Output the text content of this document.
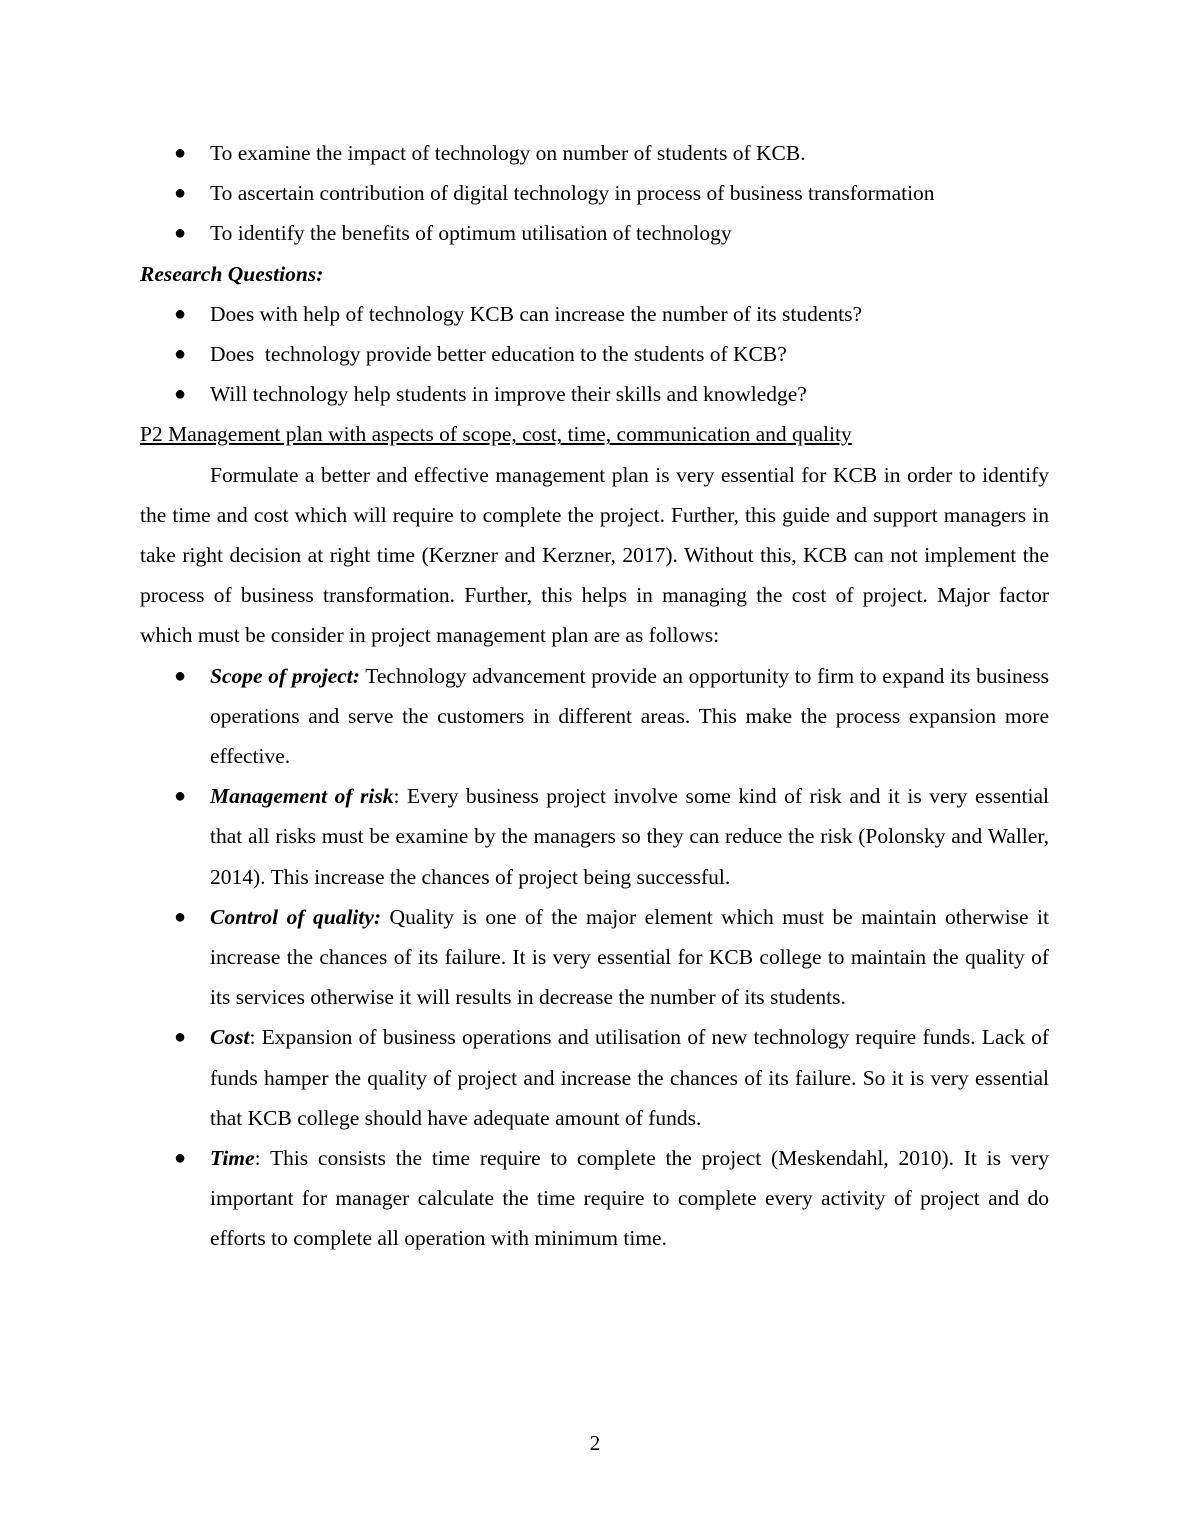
● To examine the impact of technology on number of students of KCB.
● To ascertain contribution of digital technology in process of business transformation
● To identify the benefits of optimum utilisation of technology
Research Questions:
● Does with help of technology KCB can increase the number of its students?
● Does  technology provide better education to the students of KCB?
● Will technology help students in improve their skills and knowledge?
P2 Management plan with aspects of scope, cost, time, communication and quality

Formulate a better and effective management plan is very essential for KCB in order to identify the time and cost which will require to complete the project. Further, this guide and support managers in take right decision at right time (Kerzner and Kerzner, 2017). Without this, KCB can not implement the process of business transformation. Further, this helps in managing the cost of project. Major factor which must be consider in project management plan are as follows:

● Scope of project: Technology advancement provide an opportunity to firm to expand its business operations and serve the customers in different areas. This make the process expansion more effective.
● Management of risk: Every business project involve some kind of risk and it is very essential that all risks must be examine by the managers so they can reduce the risk (Polonsky and Waller, 2014). This increase the chances of project being successful.
● Control of quality: Quality is one of the major element which must be maintain otherwise it increase the chances of its failure. It is very essential for KCB college to maintain the quality of its services otherwise it will results in decrease the number of its students.
● Cost: Expansion of business operations and utilisation of new technology require funds. Lack of funds hamper the quality of project and increase the chances of its failure. So it is very essential that KCB college should have adequate amount of funds.
● Time: This consists the time require to complete the project (Meskendahl, 2010). It is very important for manager calculate the time require to complete every activity of project and do efforts to complete all operation with minimum time.
2
